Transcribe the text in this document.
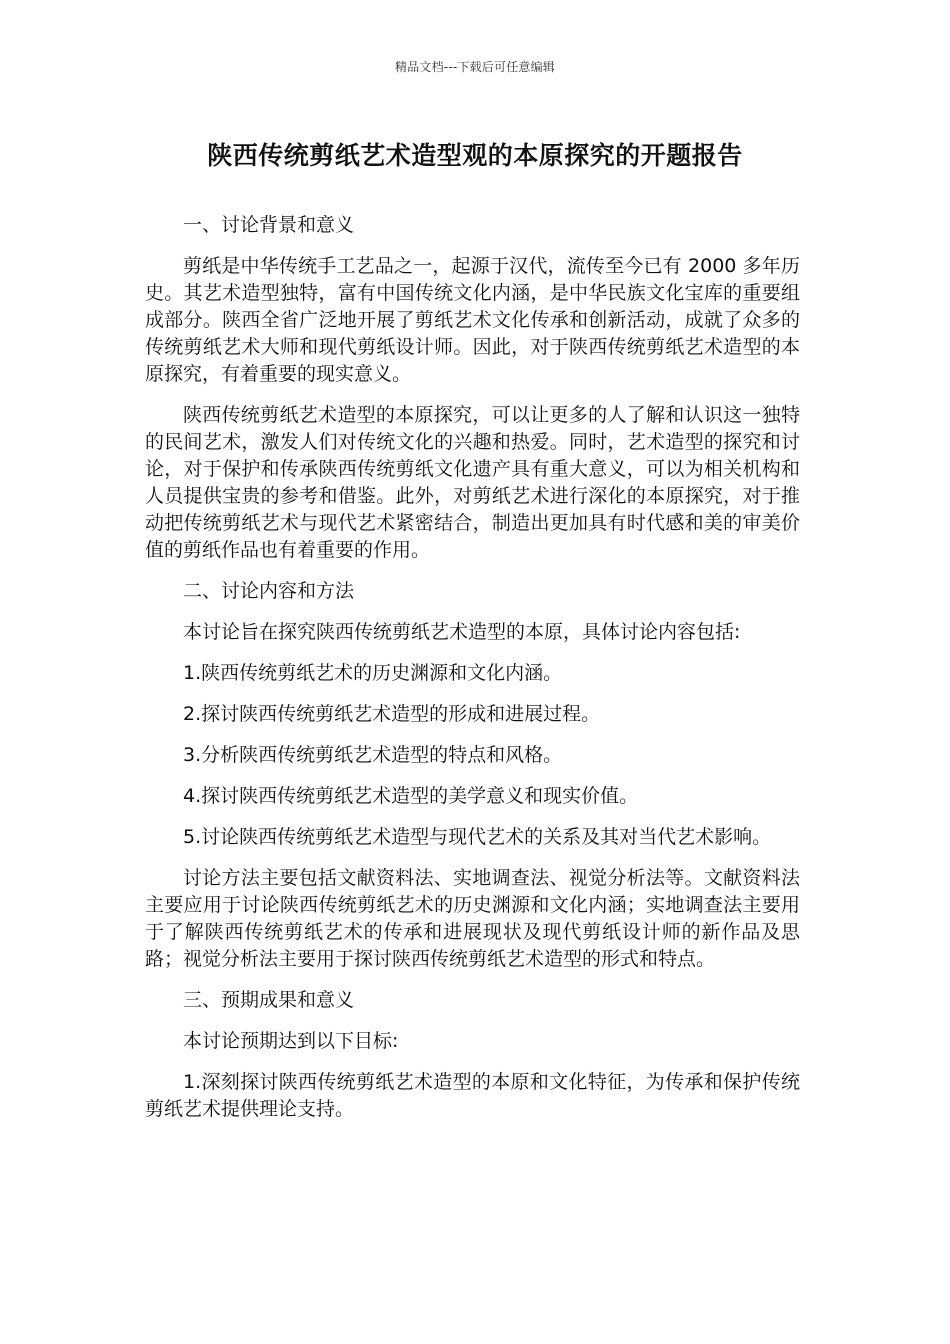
精品文档---下载后可任意编辑
陕西传统剪纸艺术造型观的本原探究的开题报告
一、讨论背景和意义

剪纸是中华传统手工艺品之一，起源于汉代，流传至今已有 2000 多年历史。其艺术造型独特，富有中国传统文化内涵，是中华民族文化宝库的重要组成部分。陕西全省广泛地开展了剪纸艺术文化传承和创新活动，成就了众多的传统剪纸艺术大师和现代剪纸设计师。因此，对于陕西传统剪纸艺术造型的本原探究，有着重要的现实意义。

陕西传统剪纸艺术造型的本原探究，可以让更多的人了解和认识这一独特的民间艺术，激发人们对传统文化的兴趣和热爱。同时，艺术造型的探究和讨论，对于保护和传承陕西传统剪纸文化遗产具有重大意义，可以为相关机构和人员提供宝贵的参考和借鉴。此外，对剪纸艺术进行深化的本原探究，对于推动把传统剪纸艺术与现代艺术紧密结合，制造出更加具有时代感和美的审美价值的剪纸作品也有着重要的作用。

二、讨论内容和方法

本讨论旨在探究陕西传统剪纸艺术造型的本原，具体讨论内容包括:

1.陕西传统剪纸艺术的历史渊源和文化内涵。

2.探讨陕西传统剪纸艺术造型的形成和进展过程。

3.分析陕西传统剪纸艺术造型的特点和风格。

4.探讨陕西传统剪纸艺术造型的美学意义和现实价值。

5.讨论陕西传统剪纸艺术造型与现代艺术的关系及其对当代艺术影响。

讨论方法主要包括文献资料法、实地调查法、视觉分析法等。文献资料法主要应用于讨论陕西传统剪纸艺术的历史渊源和文化内涵；实地调查法主要用于了解陕西传统剪纸艺术的传承和进展现状及现代剪纸设计师的新作品及思路；视觉分析法主要用于探讨陕西传统剪纸艺术造型的形式和特点。

三、预期成果和意义

本讨论预期达到以下目标:

1.深刻探讨陕西传统剪纸艺术造型的本原和文化特征，为传承和保护传统剪纸艺术提供理论支持。
